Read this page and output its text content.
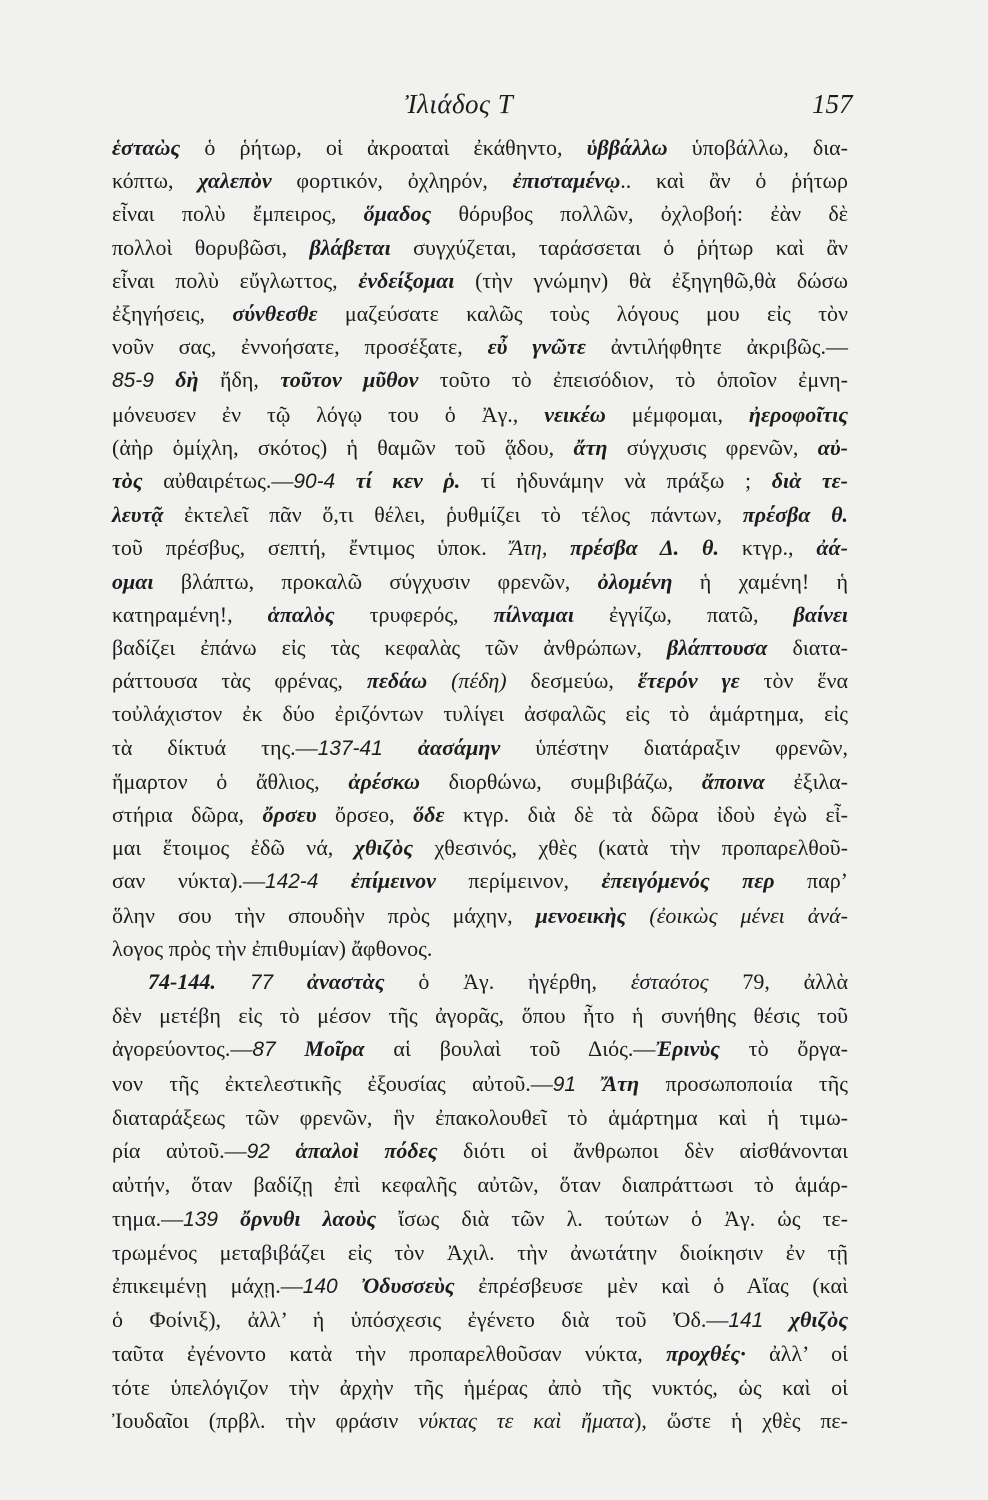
Ἰλιάδος Τ	157
ἑσταὼς ὁ ῥήτωρ, οἱ ἀκροαταὶ ἐκάθηντο, ὑββάλλω ὑποβάλλω, δια-
κόπτω, χαλεπὸν φορτικόν, ὀχληρόν, ἐπισταμένῳ.. καὶ ἂν ὁ ῥήτωρ
εἶναι πολὺ ἔμπειρος, ὅμαδος θόρυβος πολλῶν, ὀχλοβοή: ἐὰν δὲ
πολλοὶ θορυβῶσι, βλάβεται συγχύζεται, ταράσσεται ὁ ῥήτωρ καὶ ἂν
εἶναι πολὺ εὔγλωττος, ἐνδείξομαι (τὴν γνώμην) θὰ ἐξηγηθῶ,θὰ δώσω
ἐξηγήσεις, σύνθεσθε μαζεύσατε καλῶς τοὺς λόγους μου εἰς τὸν
νοῦν σας, ἐννοήσατε, προσέξατε, εὖ γνῶτε ἀντιλήφθητε ἀκριβῶς.—
85-9 δὴ ἤδη, τοῦτον μῦθον τοῦτο τὸ ἐπεισόδιον, τὸ ὁποῖον ἐμνη-
μόνευσεν ἐν τῷ λόγῳ του ὁ Ἀγ., νεικέω μέμφομαι, ἠεροφοῖτις
(ἀὴρ ὁμίχλη, σκότος) ἡ θαμῶν τοῦ ᾅδου, ἄτη σύγχυσις φρενῶν, αὐ-
τὸς αὐθαιρέτως.—90-4 τί κεν ῥ. τί ἠδυνάμην νὰ πράξω ; διὰ τε-
λευτᾷ ἐκτελεῖ πᾶν ὅ,τι θέλει, ῥυθμίζει τὸ τέλος πάντων, πρέσβα θ.
τοῦ πρέσβυς, σεπτή, ἔντιμος ὑποκ. Ἄτη, πρέσβα Δ. θ. κτγρ., ἀά-
ομαι βλάπτω, προκαλῶ σύγχυσιν φρενῶν, ὀλομένη ἡ χαμένη! ἡ
κατηραμένη!, ἁπαλὸς τρυφερός, πίλναμαι ἐγγίζω, πατῶ, βαίνει
βαδίζει ἐπάνω εἰς τὰς κεφαλὰς τῶν ἀνθρώπων, βλάπτουσα διατα-
ράττουσα τὰς φρένας, πεδάω (πέδη) δεσμεύω, ἕτερόν γε τὸν ἕνα
τοὐλάχιστον ἐκ δύο ἐριζόντων τυλίγει ἀσφαλῶς εἰς τὸ ἁμάρτημα, εἰς
τὰ δίκτυά της.—137-41 ἀασάμην ὑπέστην διατάραξιν φρενῶν,
ἥμαρτον ὁ ἄθλιος, ἀρέσκω διορθώνω, συμβιβάζω, ἄποινα ἐξιλα-
στήρια δῶρα, ὄρσευ ὄρσεο, ὅδε κτγρ. διὰ δὲ τὰ δῶρα ἰδοὺ ἐγὼ εἶ-
μαι ἕτοιμος ἐδῶ νά, χθιζὸς χθεσινός, χθὲς (κατὰ τὴν προπαρελθοῦ-
σαν νύκτα).—142-4 ἐπίμεινον περίμεινον, ἐπειγόμενός περ παρ’
ὅλην σου τὴν σπουδὴν πρὸς μάχην, μενοεικὴς (ἐοικὼς μένει ἀνά-
λογος πρὸς τὴν ἐπιθυμίαν) ἄφθονος.
74-144. 77 ἀναστὰς ὁ Ἀγ. ἠγέρθη, ἑσταότος 79, ἀλλὰ
δὲν μετέβη εἰς τὸ μέσον τῆς ἀγορᾶς, ὅπου ἦτο ἡ συνήθης θέσις τοῦ
ἀγορεύοντος.—87 Μοῖρα αἱ βουλαὶ τοῦ Διός.—Ἐρινὺς τὸ ὄργα-
νον τῆς ἐκτελεστικῆς ἐξουσίας αὐτοῦ.—91 Ἄτη προσωποποιία τῆς
διαταράξεως τῶν φρενῶν, ἣν ἐπακολουθεῖ τὸ ἁμάρτημα καὶ ἡ τιμω-
ρία αὐτοῦ.—92 ἁπαλοὶ πόδες διότι οἱ ἄνθρωποι δὲν αἰσθάνονται
αὐτήν, ὅταν βαδίζῃ ἐπὶ κεφαλῆς αὐτῶν, ὅταν διαπράττωσι τὸ ἁμάρ-
τημα.—139 ὄρνυθι λαοὺς ἴσως διὰ τῶν λ. τούτων ὁ Ἀγ. ὡς τε-
τρωμένος μεταβιβάζει εἰς τὸν Ἀχιλ. τὴν ἀνωτάτην διοίκησιν ἐν τῇ
ἐπικειμένῃ μάχῃ.—140 Ὀδυσσεὺς ἐπρέσβευσε μὲν καὶ ὁ Αἴας (καὶ
ὁ Φοίνιξ), ἀλλ’ ἡ ὑπόσχεσις ἐγένετο διὰ τοῦ Ὀδ.—141 χθιζὸς
ταῦτα ἐγένοντο κατὰ τὴν προπαρελθοῦσαν νύκτα, προχθές· ἀλλ’ οἱ
τότε ὑπελόγιζον τὴν ἀρχὴν τῆς ἡμέρας ἀπὸ τῆς νυκτός, ὡς καὶ οἱ
Ἰουδαῖοι (πρβλ. τὴν φράσιν νύκτας τε καὶ ἤματα), ὥστε ἡ χθὲς πε-
